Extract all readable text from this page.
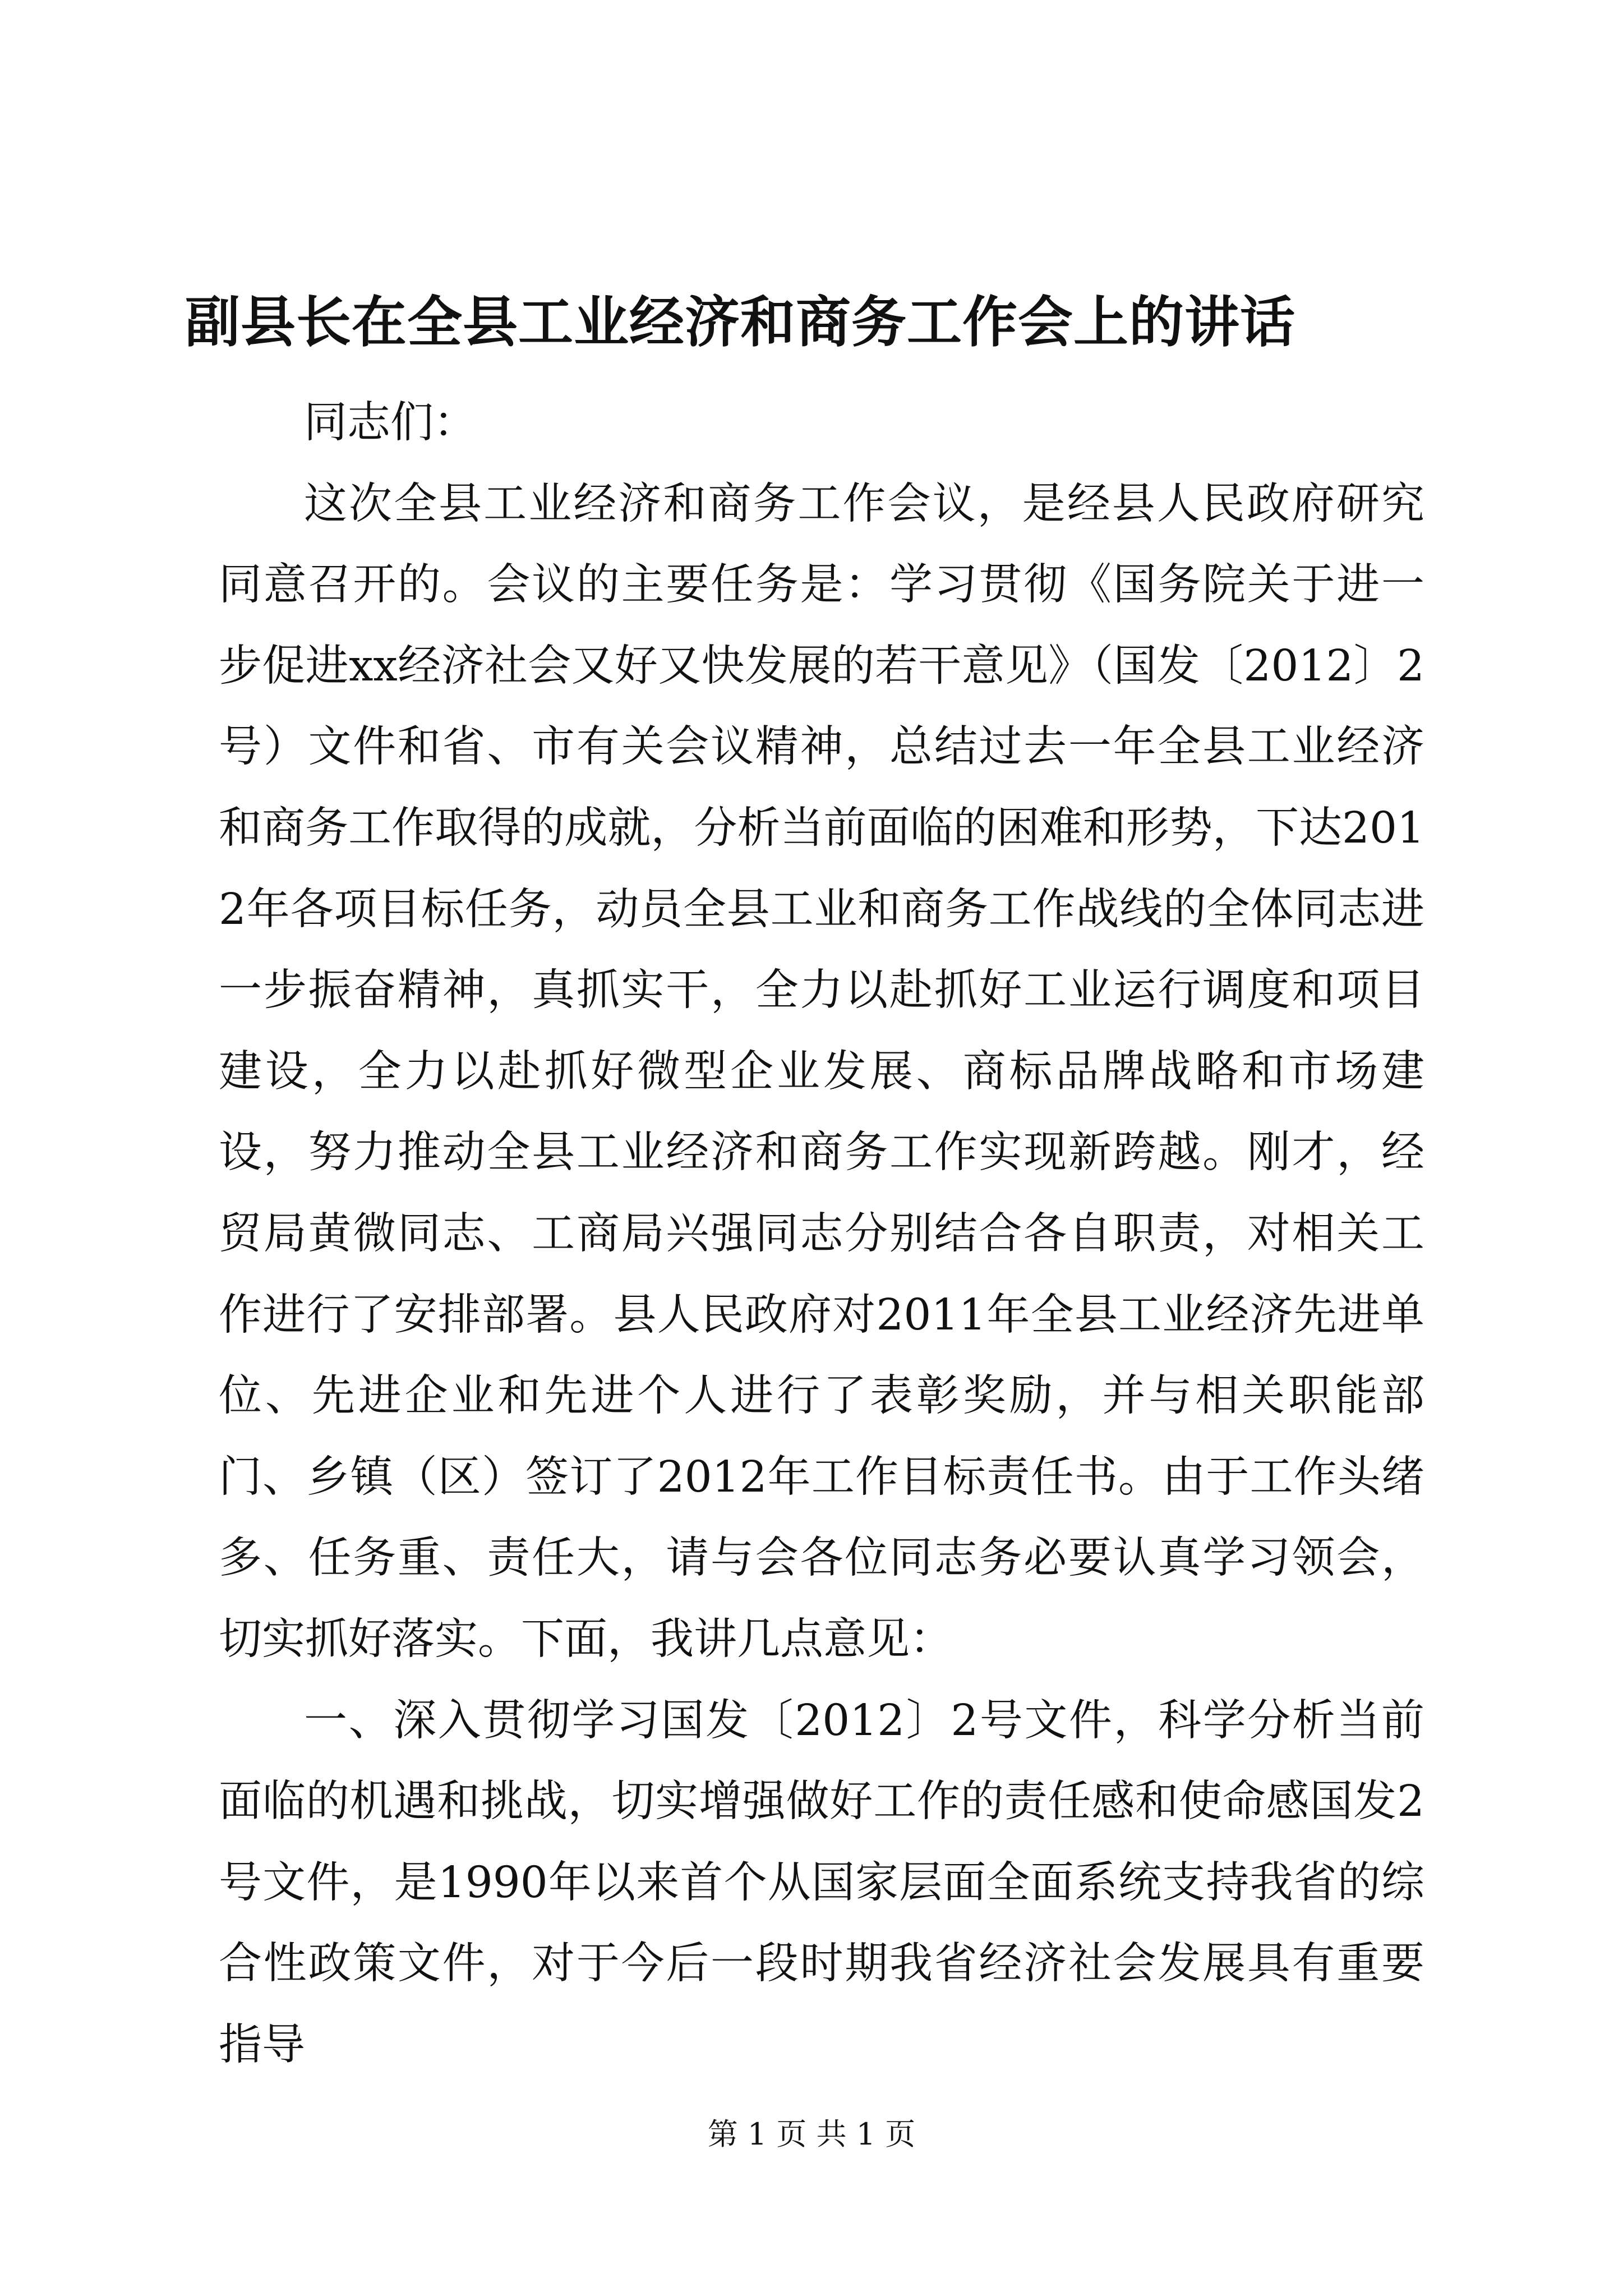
副县长在全县工业经济和商务工作会上的讲话

同志们：

这次全县工业经济和商务工作会议，是经县人民政府研究同意召开的。会议的主要任务是：学习贯彻《国务院关于进一步促进xx经济社会又好又快发展的若干意见》（国发〔2012〕2号）文件和省、市有关会议精神，总结过去一年全县工业经济和商务工作取得的成就，分析当前面临的困难和形势，下达2012年各项目标任务，动员全县工业和商务工作战线的全体同志进一步振奋精神，真抓实干，全力以赴抓好工业运行调度和项目建设，全力以赴抓好微型企业发展、商标品牌战略和市场建设，努力推动全县工业经济和商务工作实现新跨越。刚才，经贸局黄微同志、工商局兴强同志分别结合各自职责，对相关工作进行了安排部署。县人民政府对2011年全县工业经济先进单位、先进企业和先进个人进行了表彰奖励，并与相关职能部门、乡镇（区）签订了2012年工作目标责任书。由于工作头绪多、任务重、责任大，请与会各位同志务必要认真学习领会，切实抓好落实。下面，我讲几点意见：

一、深入贯彻学习国发〔2012〕2号文件，科学分析当前面临的机遇和挑战，切实增强做好工作的责任感和使命感国发2号文件，是1990年以来首个从国家层面全面系统支持我省的综合性政策文件，对于今后一段时期我省经济社会发展具有重要指导

第 1 页 共 1 页
